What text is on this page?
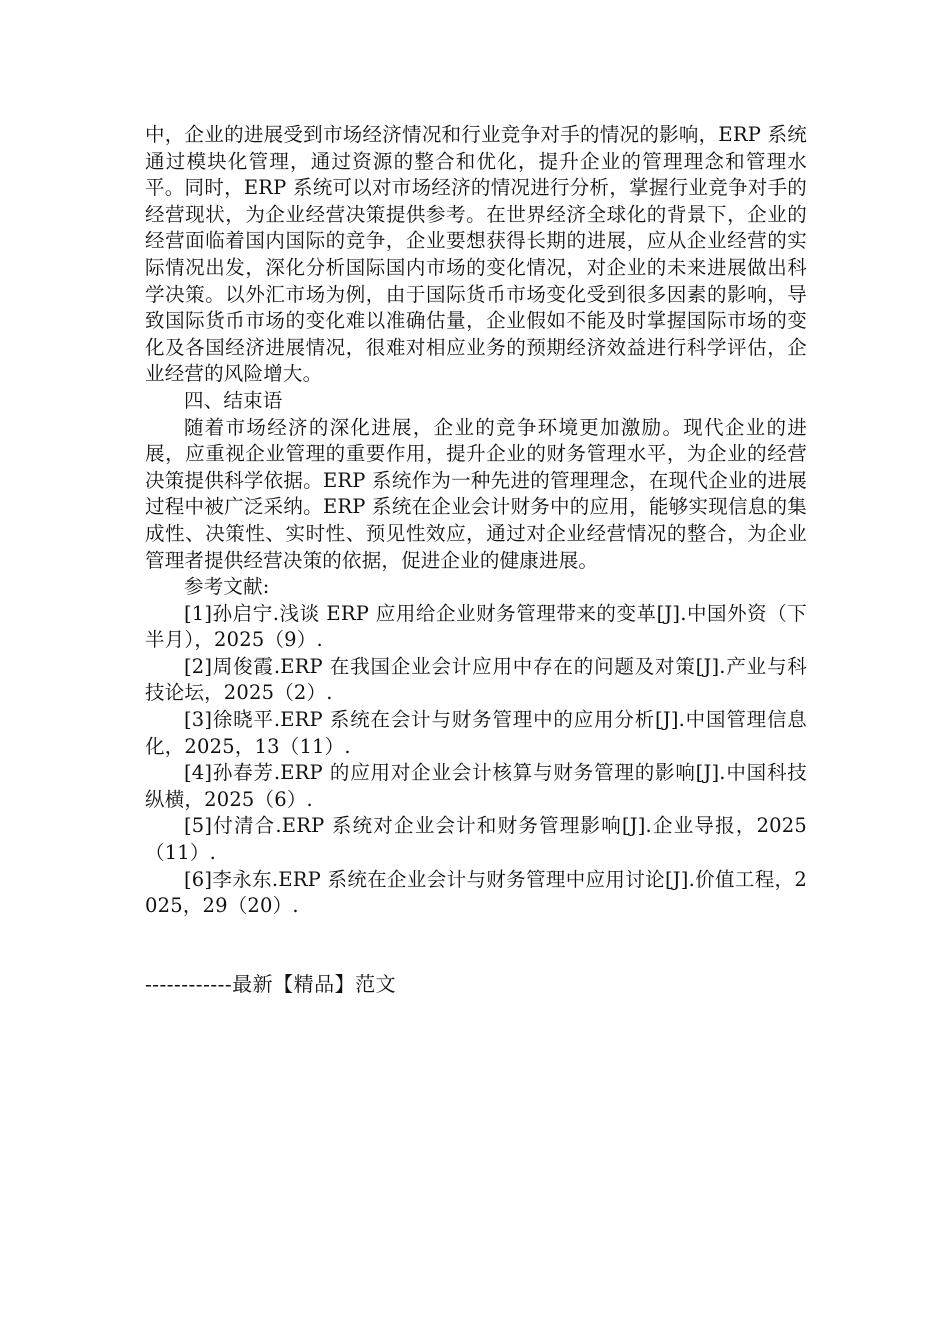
中，企业的进展受到市场经济情况和行业竞争对手的情况的影响，ERP 系统通过模块化管理，通过资源的整合和优化，提升企业的管理理念和管理水平。同时，ERP 系统可以对市场经济的情况进行分析，掌握行业竞争对手的经营现状，为企业经营决策提供参考。在世界经济全球化的背景下，企业的经营面临着国内国际的竞争，企业要想获得长期的进展，应从企业经营的实际情况出发，深化分析国际国内市场的变化情况，对企业的未来进展做出科学决策。以外汇市场为例，由于国际货币市场变化受到很多因素的影响，导致国际货币市场的变化难以准确估量，企业假如不能及时掌握国际市场的变化及各国经济进展情况，很难对相应业务的预期经济效益进行科学评估，企业经营的风险增大。

四、结束语

随着市场经济的深化进展，企业的竞争环境更加激励。现代企业的进展，应重视企业管理的重要作用，提升企业的财务管理水平，为企业的经营决策提供科学依据。ERP 系统作为一种先进的管理理念，在现代企业的进展过程中被广泛采纳。ERP 系统在企业会计财务中的应用，能够实现信息的集成性、决策性、实时性、预见性效应，通过对企业经营情况的整合，为企业管理者提供经营决策的依据，促进企业的健康进展。

参考文献:

[1]孙启宁.浅谈 ERP 应用给企业财务管理带来的变革[J].中国外资（下半月），2025（9）.

[2]周俊霞.ERP 在我国企业会计应用中存在的问题及对策[J].产业与科技论坛，2025（2）.

[3]徐晓平.ERP 系统在会计与财务管理中的应用分析[J].中国管理信息化，2025，13（11）.

[4]孙春芳.ERP 的应用对企业会计核算与财务管理的影响[J].中国科技纵横，2025（6）.

[5]付清合.ERP 系统对企业会计和财务管理影响[J].企业导报，2025（11）.

[6]李永东.ERP 系统在企业会计与财务管理中应用讨论[J].价值工程，2025，29（20）.

------------最新【精品】范文
